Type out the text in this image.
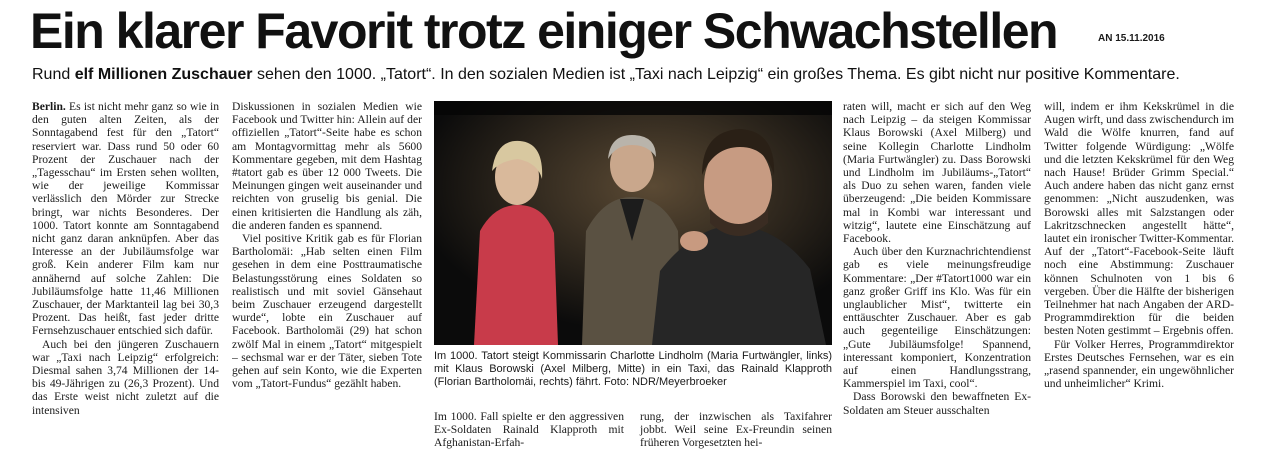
Ein klarer Favorit trotz einiger Schwachstellen	AN 15.11.2016
Rund elf Millionen Zuschauer sehen den 1000. „Tatort“. In den sozialen Medien ist „Taxi nach Leipzig“ ein großes Thema. Es gibt nicht nur positive Kommentare.

Berlin. Es ist nicht mehr ganz so wie in den guten alten Zeiten, als der Sonntagabend fest für den „Tatort“ reserviert war. Dass rund 50 oder 60 Prozent der Zuschauer nach der „Tagesschau“ im Ersten sehen wollten, wie der jeweilige Kommissar verlässlich den Mörder zur Strecke bringt, war nichts Besonderes. Der 1000. Tatort konnte am Sonntagabend nicht ganz daran anknüpfen. Aber das Interesse an der Jubiläumsfolge war groß. Kein anderer Film kam nur annähernd auf solche Zahlen: Die Jubiläumsfolge hatte 11,46 Millionen Zuschauer, der Marktanteil lag bei 30,3 Prozent. Das heißt, fast jeder dritte Fernsehzuschauer entschied sich dafür.

Auch bei den jüngeren Zuschauern war „Taxi nach Leipzig“ erfolgreich: Diesmal sahen 3,74 Millionen der 14- bis 49-Jährigen zu (26,3 Prozent). Und das Erste weist nicht zuletzt auf die intensiven

Diskussionen in sozialen Medien wie Facebook und Twitter hin: Allein auf der offiziellen „Tatort“-Seite habe es schon am Montagvormittag mehr als 5600 Kommentare gegeben, mit dem Hashtag #tatort gab es über 12 000 Tweets. Die Meinungen gingen weit auseinander und reichten von gruselig bis genial. Die einen kritisierten die Handlung als zäh, die anderen fanden es spannend.

Viel positive Kritik gab es für Florian Bartholomäi: „Hab selten einen Film gesehen in dem eine Posttraumatische Belastungsstörung eines Soldaten so realistisch und mit soviel Gänsehaut beim Zuschauer erzeugend dargestellt wurde“, lobte ein Zuschauer auf Facebook. Bartholomäi (29) hat schon zwölf Mal in einem „Tatort“ mitgespielt – sechsmal war er der Täter, sieben Tote gehen auf sein Konto, wie die Experten vom „Tatort-Fundus“ gezählt haben.

Im 1000. Tatort steigt Kommissarin Charlotte Lindholm (Maria Furtwängler, links) mit Klaus Borowski (Axel Milberg, Mitte) in ein Taxi, das Rainald Klapproth (Florian Bartholomäi, rechts) fährt. Foto: NDR/Meyerbroeker
Im 1000. Fall spielte er den aggressiven Ex-Soldaten Rainald Klapproth mit Afghanistan-Erfah-
rung, der inzwischen als Taxifahrer jobbt. Weil seine Ex-Freundin seinen früheren Vorgesetzten hei-

raten will, macht er sich auf den Weg nach Leipzig – da steigen Kommissar Klaus Borowski (Axel Milberg) und seine Kollegin Charlotte Lindholm (Maria Furtwängler) zu. Dass Borowski und Lindholm im Jubiläums-„Tatort“ als Duo zu sehen waren, fanden viele überzeugend: „Die beiden Kommissare mal in Kombi war interessant und witzig“, lautete eine Einschätzung auf Facebook.

Auch über den Kurznachrichtendienst gab es viele meinungsfreudige Kommentare: „Der #Tatort1000 war ein ganz großer Griff ins Klo. Was für ein unglaublicher Mist“, twitterte ein enttäuschter Zuschauer. Aber es gab auch gegenteilige Einschätzungen: „Gute Jubiläumsfolge! Spannend, interessant komponiert, Konzentration auf einen Handlungsstrang, Kammerspiel im Taxi, cool“.

Dass Borowski den bewaffneten Ex-Soldaten am Steuer ausschalten

will, indem er ihm Kekskrümel in die Augen wirft, und dass zwischendurch im Wald die Wölfe knurren, fand auf Twitter folgende Würdigung: „Wölfe und die letzten Kekskrümel für den Weg nach Hause! Brüder Grimm Special.“ Auch andere haben das nicht ganz ernst genommen: „Nicht auszudenken, was Borowski alles mit Salzstangen oder Lakritzschnecken angestellt hätte“, lautet ein ironischer Twitter-Kommentar. Auf der „Tatort“-Facebook-Seite läuft noch eine Abstimmung: Zuschauer können Schulnoten von 1 bis 6 vergeben. Über die Hälfte der bisherigen Teilnehmer hat nach Angaben der ARD-Programmdirektion für die beiden besten Noten gestimmt – Ergebnis offen.

Für Volker Herres, Programmdirektor Erstes Deutsches Fernsehen, war es ein „rasend spannender, ein ungewöhnlicher und unheimlicher“ Krimi.
